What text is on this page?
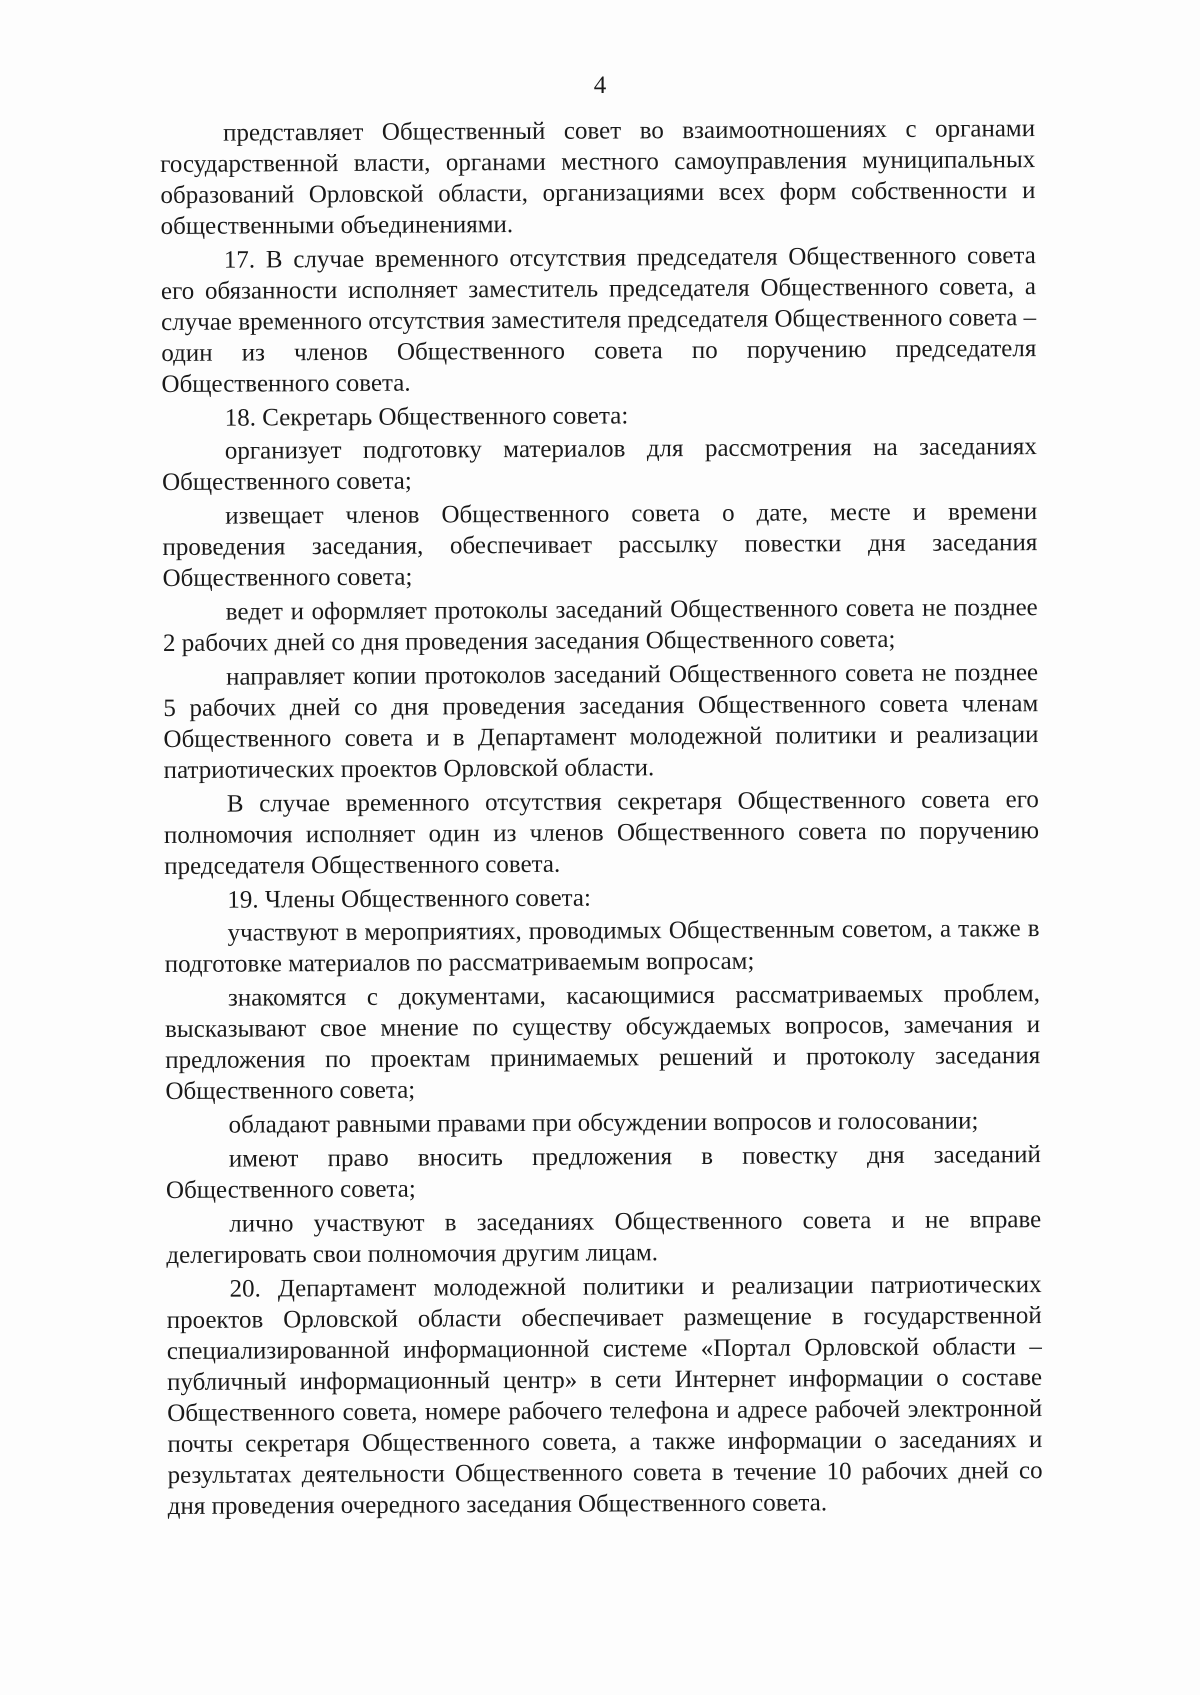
4

представляет Общественный совет во взаимоотношениях с органами государственной власти, органами местного самоуправления муниципальных образований Орловской области, организациями всех форм собственности и общественными объединениями.

17. В случае временного отсутствия председателя Общественного совета его обязанности исполняет заместитель председателя Общественного совета, а случае временного отсутствия заместителя председателя Общественного совета – один из членов Общественного совета по поручению председателя Общественного совета.

18. Секретарь Общественного совета:

организует подготовку материалов для рассмотрения на заседаниях Общественного совета;

извещает членов Общественного совета о дате, месте и времени проведения заседания, обеспечивает рассылку повестки дня заседания Общественного совета;

ведет и оформляет протоколы заседаний Общественного совета не позднее 2 рабочих дней со дня проведения заседания Общественного совета;

направляет копии протоколов заседаний Общественного совета не позднее 5 рабочих дней со дня проведения заседания Общественного совета членам Общественного совета и в Департамент молодежной политики и реализации патриотических проектов Орловской области.

В случае временного отсутствия секретаря Общественного совета его полномочия исполняет один из членов Общественного совета по поручению председателя Общественного совета.

19. Члены Общественного совета:

участвуют в мероприятиях, проводимых Общественным советом, а также в подготовке материалов по рассматриваемым вопросам;

знакомятся с документами, касающимися рассматриваемых проблем, высказывают свое мнение по существу обсуждаемых вопросов, замечания и предложения по проектам принимаемых решений и протоколу заседания Общественного совета;

обладают равными правами при обсуждении вопросов и голосовании;

имеют право вносить предложения в повестку дня заседаний Общественного совета;

лично участвуют в заседаниях Общественного совета и не вправе делегировать свои полномочия другим лицам.

20. Департамент молодежной политики и реализации патриотических проектов Орловской области обеспечивает размещение в государственной специализированной информационной системе «Портал Орловской области – публичный информационный центр» в сети Интернет информации о составе Общественного совета, номере рабочего телефона и адресе рабочей электронной почты секретаря Общественного совета, а также информации о заседаниях и результатах деятельности Общественного совета в течение 10 рабочих дней со дня проведения очередного заседания Общественного совета.
